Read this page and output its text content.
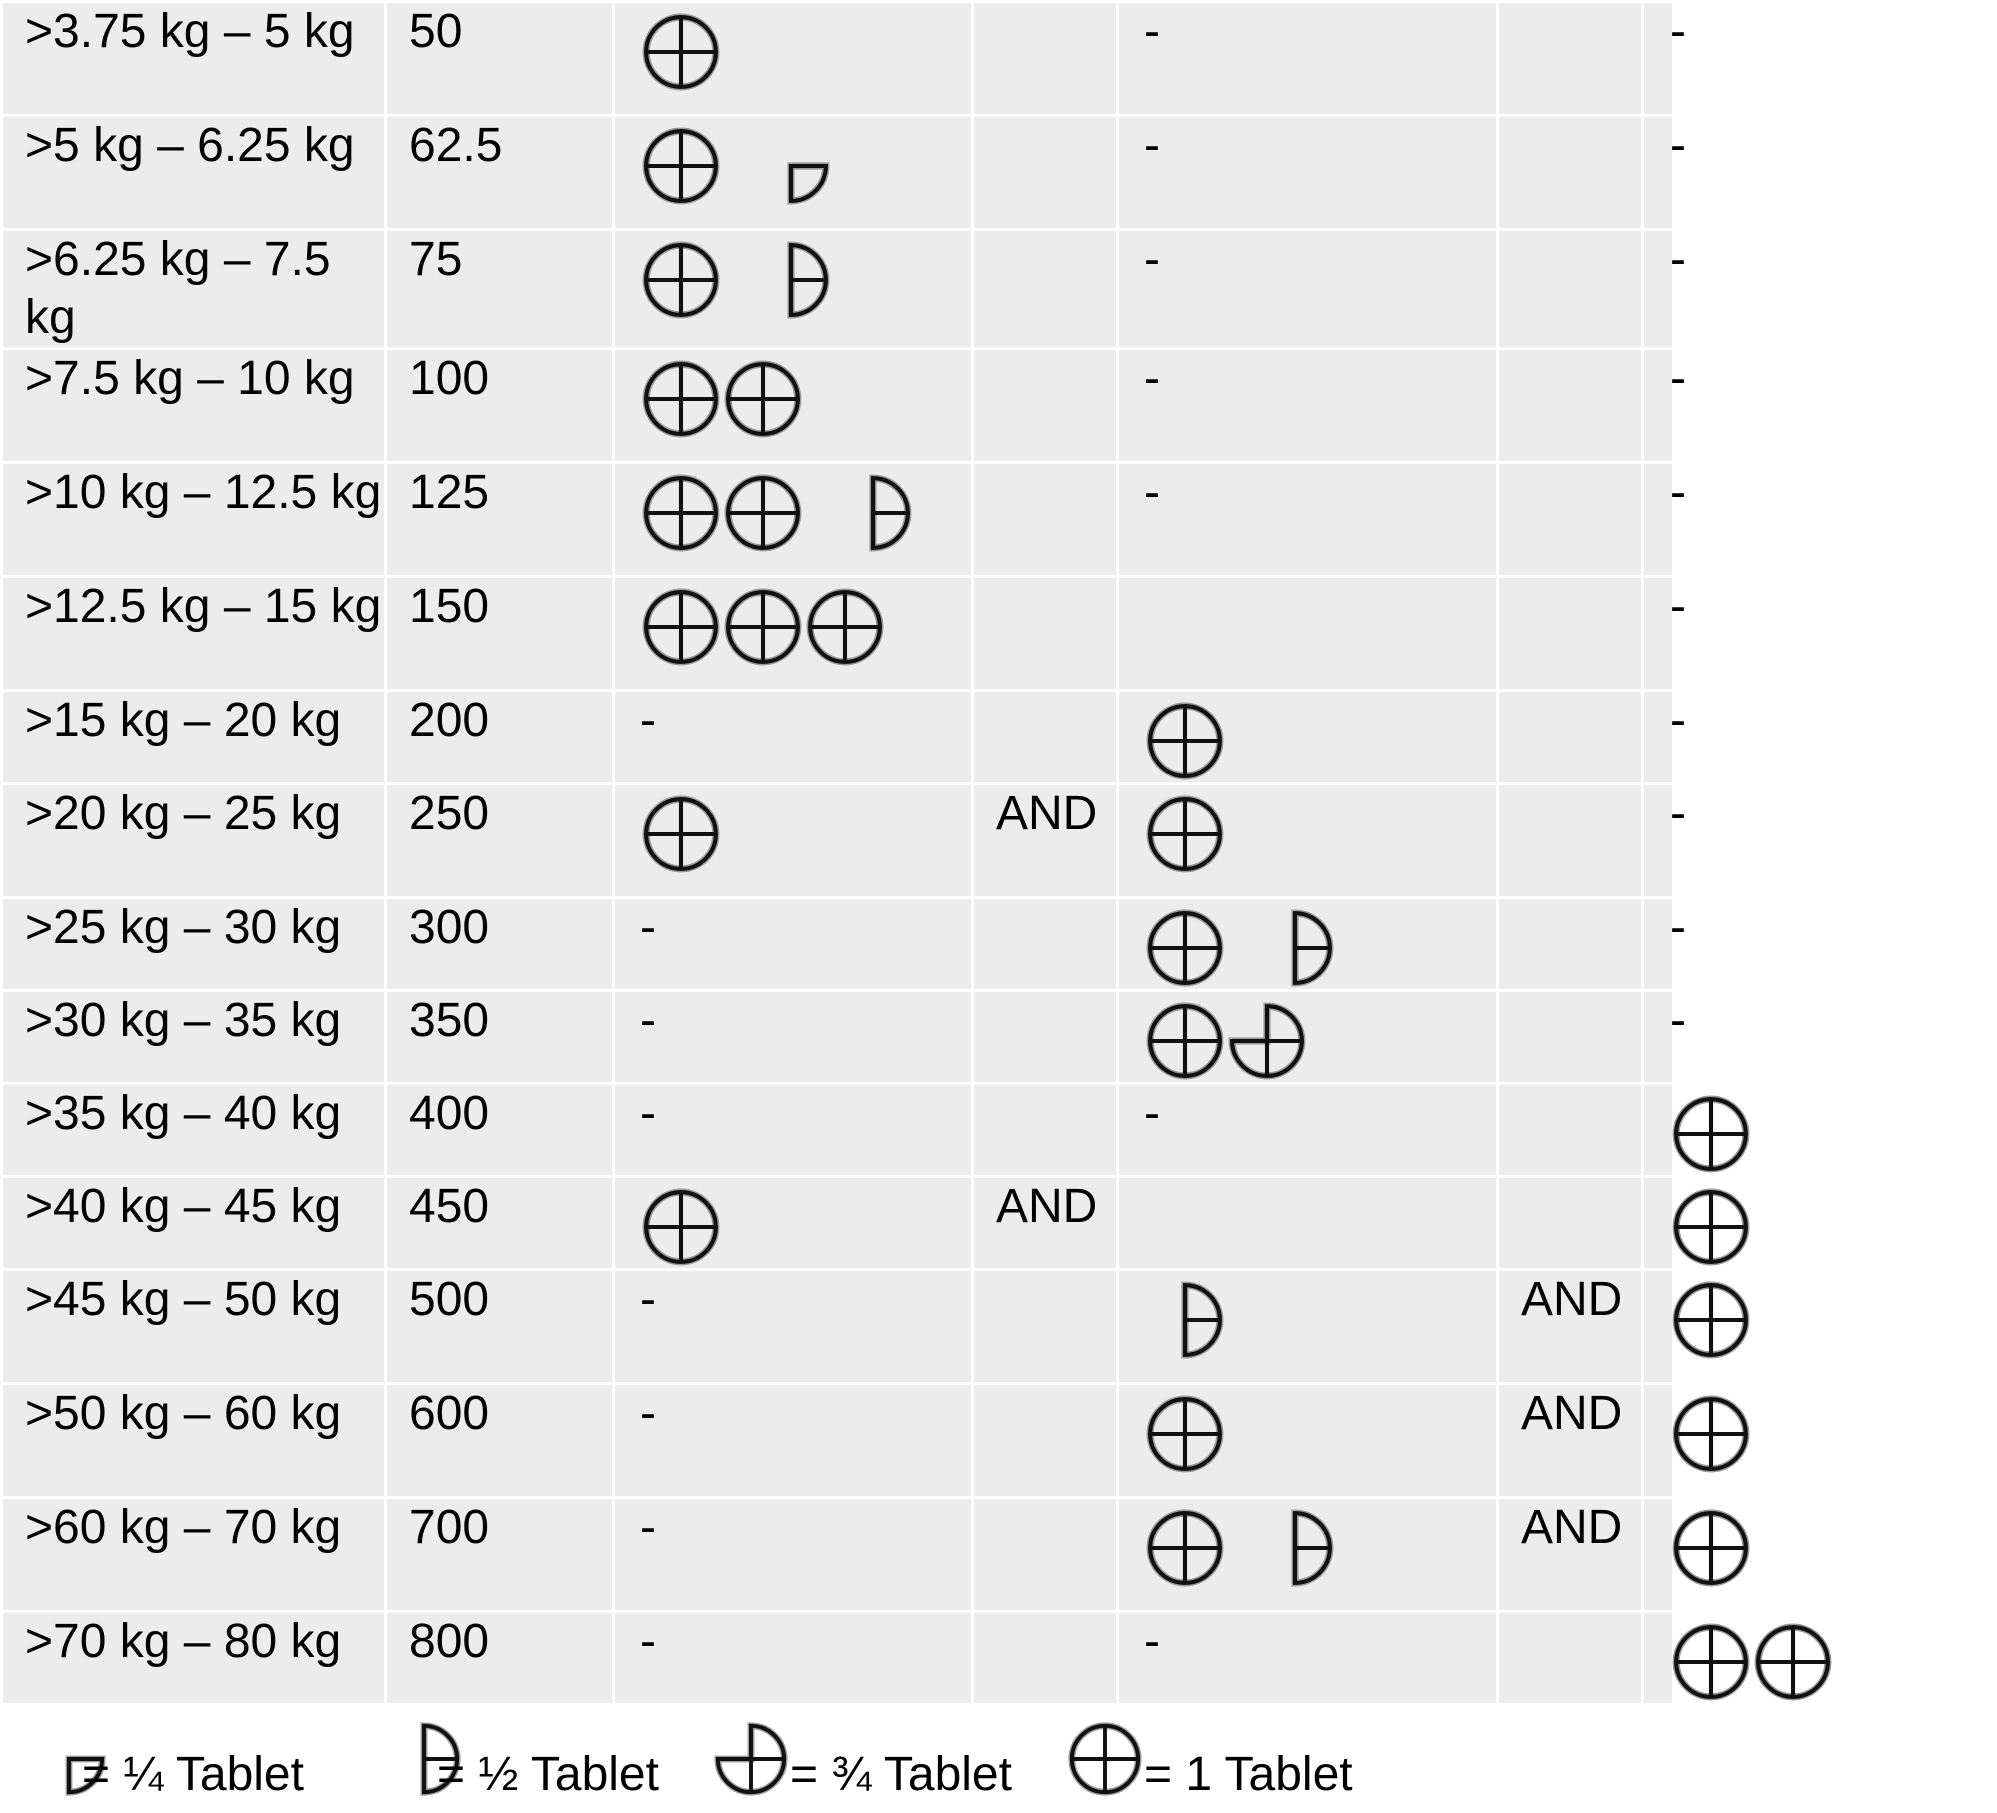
>3.75 kg – 5 kg	50			-		-
>5 kg – 6.25 kg	62.5			-		-
>6.25 kg – 7.5 kg	75			-		-
>7.5 kg – 10 kg	100			-		-
>10 kg – 12.5 kg	125			-		-
>12.5 kg – 15 kg	150					-
>15 kg – 20 kg	200	-				-
>20 kg – 25 kg	250		AND			-
>25 kg – 30 kg	300	-				-
>30 kg – 35 kg	350	-				-
>35 kg – 40 kg	400	-		-		

>40 kg – 45 kg	450		AND			

>45 kg – 50 kg	500	-			AND	

>50 kg – 60 kg	600	-			AND	

>60 kg – 70 kg	700	-			AND	

>70 kg – 80 kg	800	-		-		
= ¼ Tablet	= ½ Tablet	= ¾ Tablet	= 1 Tablet
